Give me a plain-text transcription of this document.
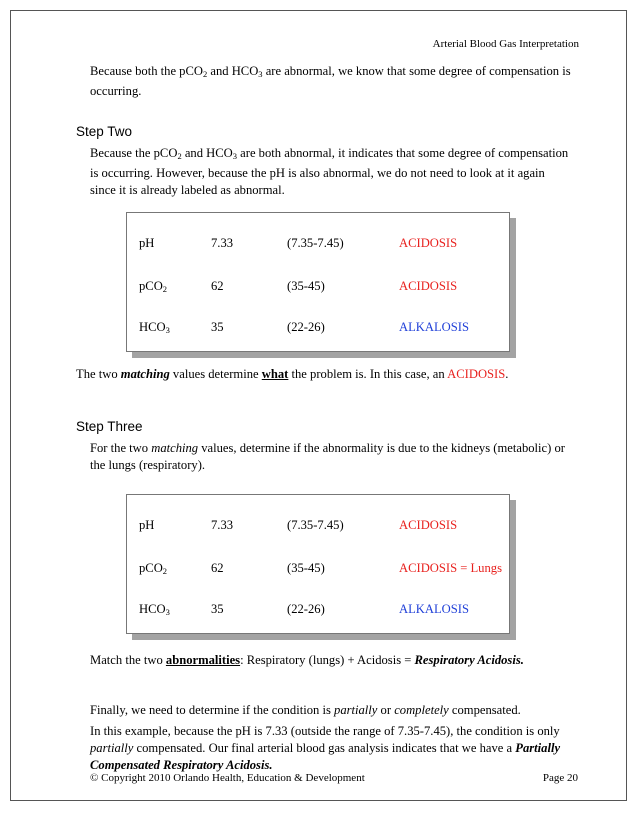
Arterial Blood Gas Interpretation
Because both the pCO$_2$ and $HCO_3$ are abnormal, we know that some degree of compensation is
occurring.
Step Two
Because the pCO$_2$ and $HCO_3$ are both abnormal, it indicates that some degree of compensation
is occurring. However, because the pH is also abnormal, we do not need to look at it again
since it is already labeled as abnormal.
pH	7.33	(7.35-7.45)	ACIDOSIS
pCO$_2$	62	(35-45)	ACIDOSIS
$HCO_3$	35	(22-26)	ALKALOSIS
The two matching values determine what the problem is. In this case, an ACIDOSIS.
Step Three
For the two matching values, determine if the abnormality is due to the kidneys (metabolic) or
the lungs (respiratory).
pH	7.33	(7.35-7.45)	ACIDOSIS
pCO$_2$	62	(35-45)	ACIDOSIS = Lungs
$HCO_3$	35	(22-26)	ALKALOSIS
Match the two abnormalities: Respiratory (lungs) + Acidosis = Respiratory Acidosis.
Finally, we need to determine if the condition is partially or completely compensated.
In this example, because the pH is 7.33 (outside the range of 7.35-7.45), the condition is only
partially compensated. Our final arterial blood gas analysis indicates that we have a Partially
Compensated Respiratory Acidosis.
© Copyright 2010 Orlando Health, Education & Development	Page 20
